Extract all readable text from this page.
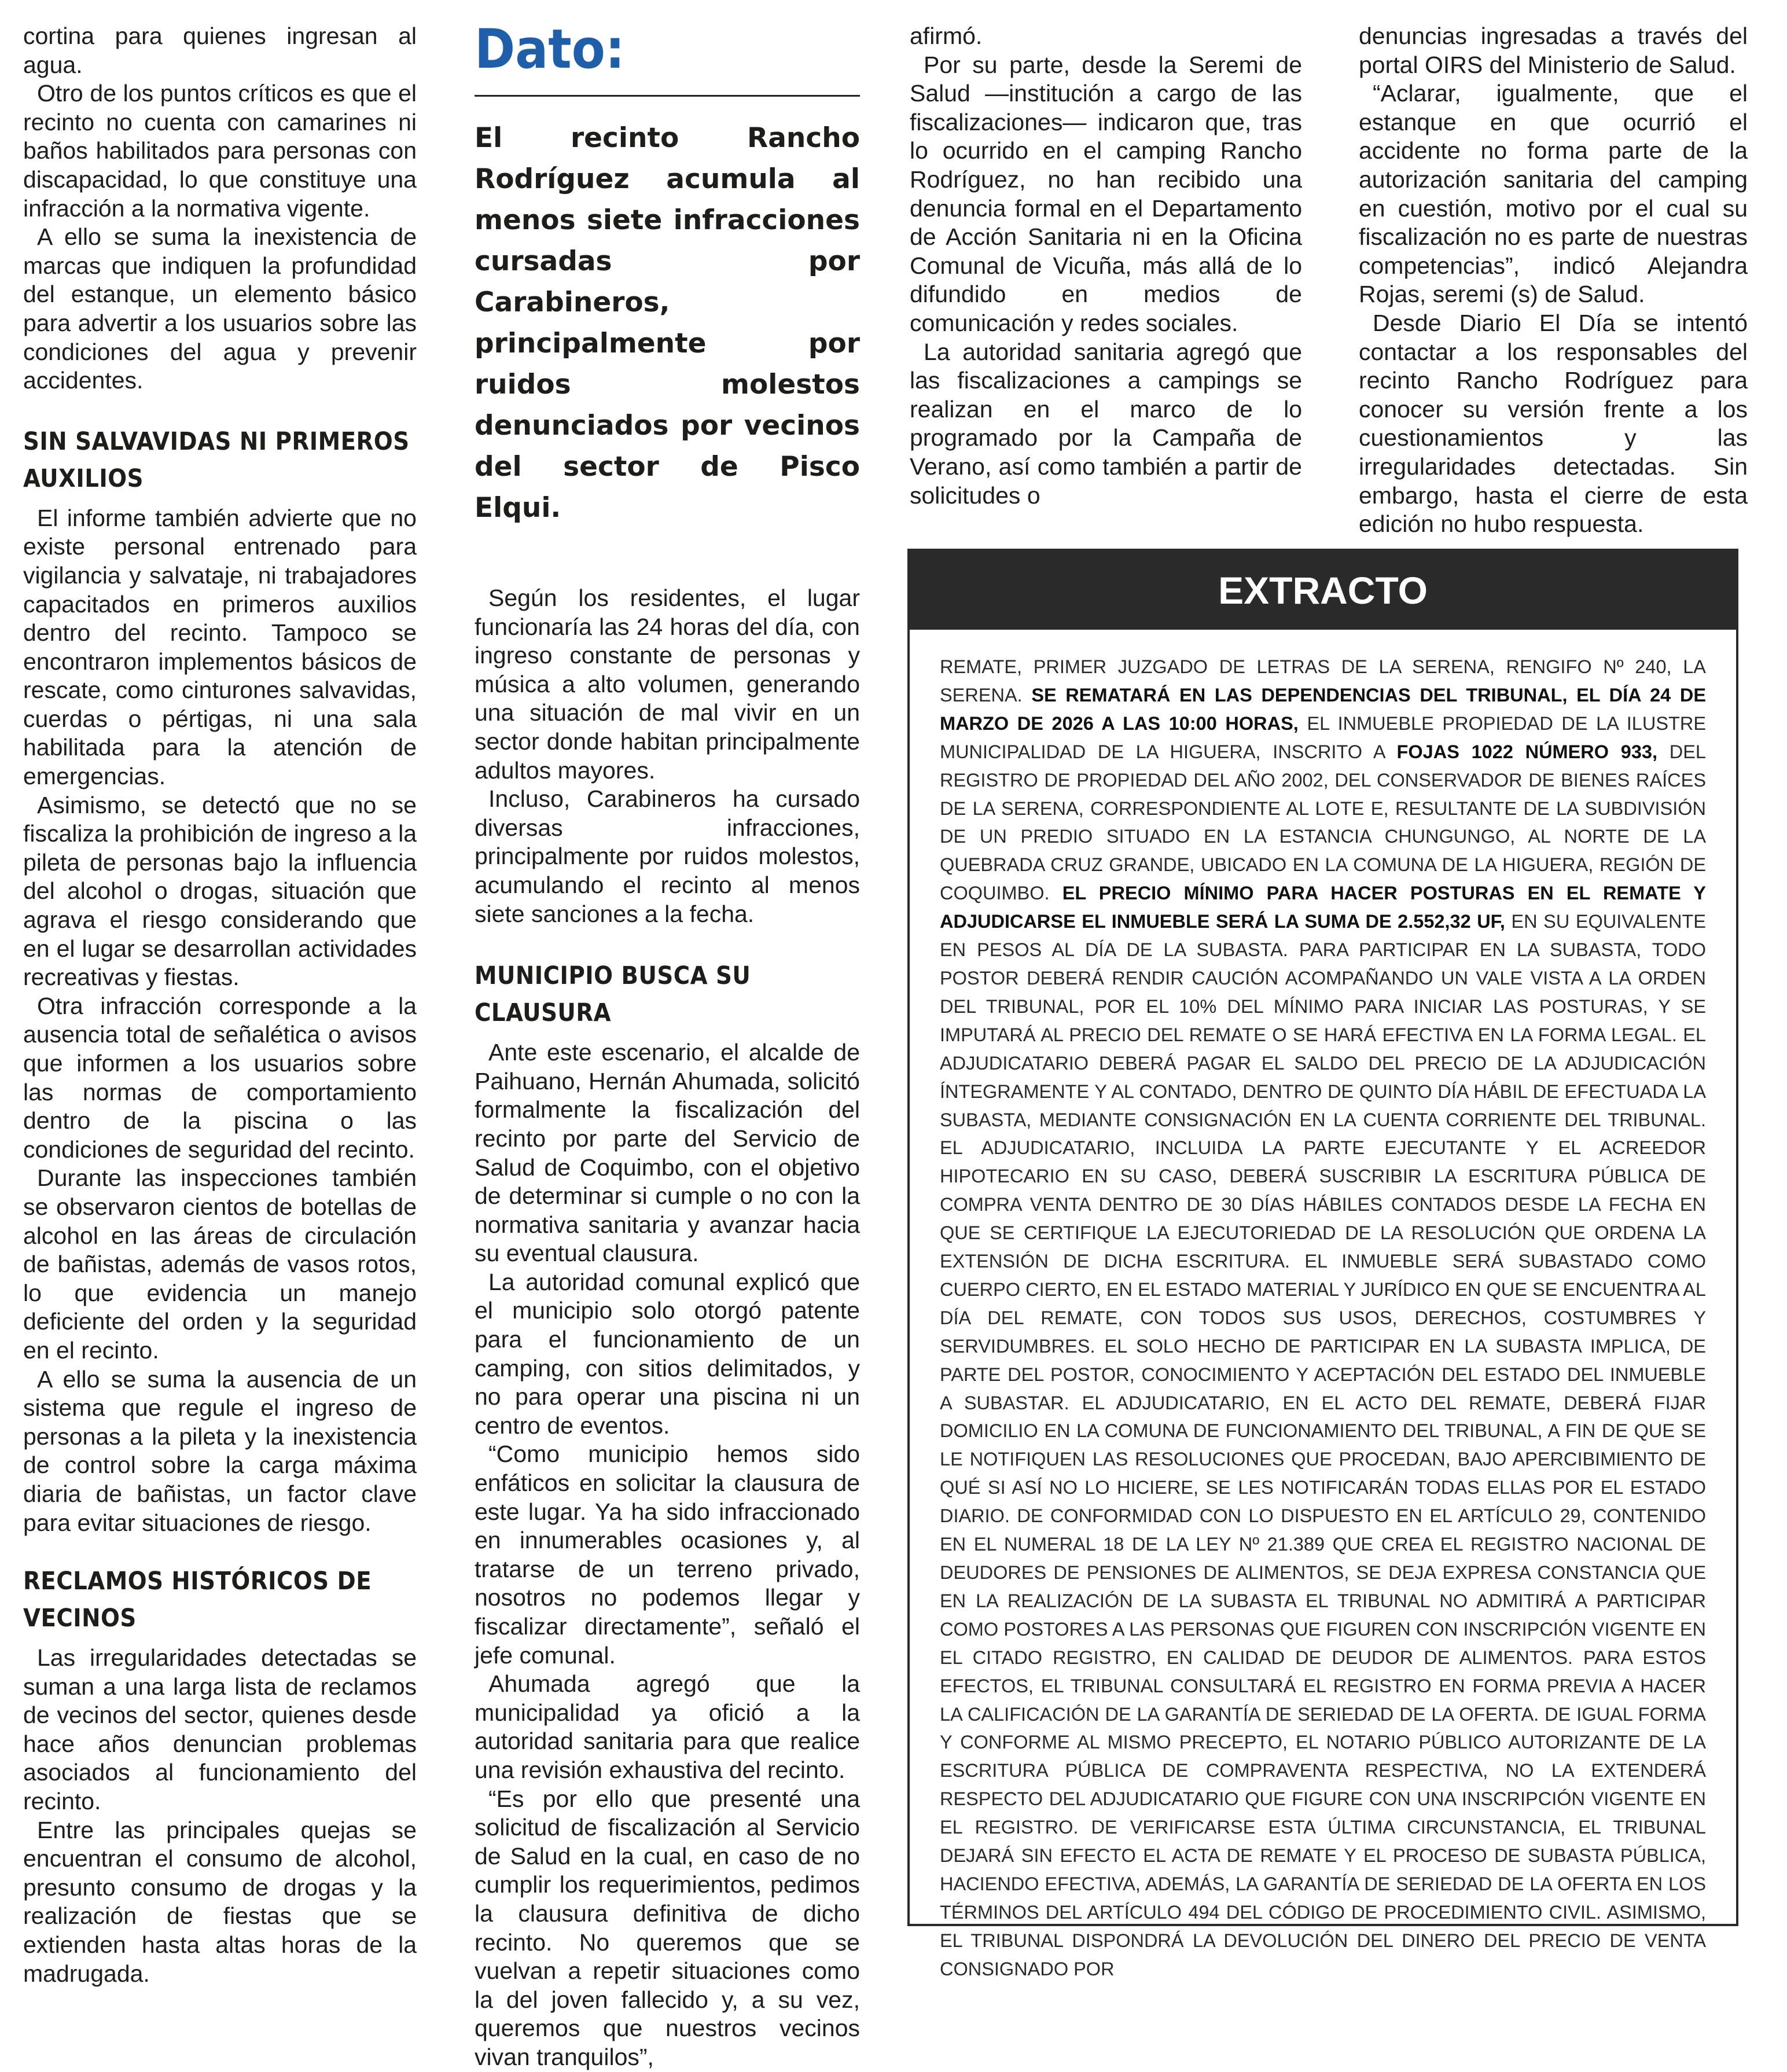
cortina para quienes ingresan al agua.

Otro de los puntos críticos es que el recinto no cuenta con camarines ni baños habilitados para personas con discapacidad, lo que constituye una infracción a la normativa vigente.

A ello se suma la inexistencia de marcas que indiquen la profundidad del estanque, un elemento básico para advertir a los usuarios sobre las condiciones del agua y prevenir accidentes.

SIN SALVAVIDAS NI PRIMEROS AUXILIOS

El informe también advierte que no existe personal entrenado para vigilancia y salvataje, ni trabajadores capacitados en primeros auxilios dentro del recinto. Tampoco se encontraron implementos básicos de rescate, como cinturones salvavidas, cuerdas o pértigas, ni una sala habilitada para la atención de emergencias.

Asimismo, se detectó que no se fiscaliza la prohibición de ingreso a la pileta de personas bajo la influencia del alcohol o drogas, situación que agrava el riesgo considerando que en el lugar se desarrollan actividades recreativas y fiestas.

Otra infracción corresponde a la ausencia total de señalética o avisos que informen a los usuarios sobre las normas de comportamiento dentro de la piscina o las condiciones de seguridad del recinto.

Durante las inspecciones también se observaron cientos de botellas de alcohol en las áreas de circulación de bañistas, además de vasos rotos, lo que evidencia un manejo deficiente del orden y la seguridad en el recinto.

A ello se suma la ausencia de un sistema que regule el ingreso de personas a la pileta y la inexistencia de control sobre la carga máxima diaria de bañistas, un factor clave para evitar situaciones de riesgo.

RECLAMOS HISTÓRICOS DE VECINOS

Las irregularidades detectadas se suman a una larga lista de reclamos de vecinos del sector, quienes desde hace años denuncian problemas asociados al funcionamiento del recinto.

Entre las principales quejas se encuentran el consumo de alcohol, presunto consumo de drogas y la realización de fiestas que se extienden hasta altas horas de la madrugada.

Dato:

El recinto Rancho Rodríguez acumula al menos siete infracciones cursadas por Carabineros, principalmente por ruidos molestos denunciados por vecinos del sector de Pisco Elqui.

Según los residentes, el lugar funcionaría las 24 horas del día, con ingreso constante de personas y música a alto volumen, generando una situación de mal vivir en un sector donde habitan principalmente adultos mayores.

Incluso, Carabineros ha cursado diversas infracciones, principalmente por ruidos molestos, acumulando el recinto al menos siete sanciones a la fecha.

MUNICIPIO BUSCA SU CLAUSURA

Ante este escenario, el alcalde de Paihuano, Hernán Ahumada, solicitó formalmente la fiscalización del recinto por parte del Servicio de Salud de Coquimbo, con el objetivo de determinar si cumple o no con la normativa sanitaria y avanzar hacia su eventual clausura.

La autoridad comunal explicó que el municipio solo otorgó patente para el funcionamiento de un camping, con sitios delimitados, y no para operar una piscina ni un centro de eventos.

“Como municipio hemos sido enfáticos en solicitar la clausura de este lugar. Ya ha sido infraccionado en innumerables ocasiones y, al tratarse de un terreno privado, nosotros no podemos llegar y fiscalizar directamente”, señaló el jefe comunal.

Ahumada agregó que la municipalidad ya ofició a la autoridad sanitaria para que realice una revisión exhaustiva del recinto.

“Es por ello que presenté una solicitud de fiscalización al Servicio de Salud en la cual, en caso de no cumplir los requerimientos, pedimos la clausura definitiva de dicho recinto. No queremos que se vuelvan a repetir situaciones como la del joven fallecido y, a su vez, queremos que nuestros vecinos vivan tranquilos”,

afirmó.

Por su parte, desde la Seremi de Salud —institución a cargo de las fiscalizaciones— indicaron que, tras lo ocurrido en el camping Rancho Rodríguez, no han recibido una denuncia formal en el Departamento de Acción Sanitaria ni en la Oficina Comunal de Vicuña, más allá de lo difundido en medios de comunicación y redes sociales.

La autoridad sanitaria agregó que las fiscalizaciones a campings se realizan en el marco de lo programado por la Campaña de Verano, así como también a partir de solicitudes o

denuncias ingresadas a través del portal OIRS del Ministerio de Salud.

“Aclarar, igualmente, que el estanque en que ocurrió el accidente no forma parte de la autorización sanitaria del camping en cuestión, motivo por el cual su fiscalización no es parte de nuestras competencias”, indicó Alejandra Rojas, seremi (s) de Salud.

Desde Diario El Día se intentó contactar a los responsables del recinto Rancho Rodríguez para conocer su versión frente a los cuestionamientos y las irregularidades detectadas. Sin embargo, hasta el cierre de esta edición no hubo respuesta.

EXTRACTO
REMATE, PRIMER JUZGADO DE LETRAS DE LA SERENA, RENGIFO Nº 240, LA SERENA. SE REMATARÁ EN LAS DEPENDENCIAS DEL TRIBUNAL, EL DÍA 24 DE MARZO DE 2026 A LAS 10:00 HORAS, EL INMUEBLE PROPIEDAD DE LA ILUSTRE MUNICIPALIDAD DE LA HIGUERA, INSCRITO A FOJAS 1022 NÚMERO 933, DEL REGISTRO DE PROPIEDAD DEL AÑO 2002, DEL CONSERVADOR DE BIENES RAÍCES DE LA SERENA, CORRESPONDIENTE AL LOTE E, RESULTANTE DE LA SUBDIVISIÓN DE UN PREDIO SITUADO EN LA ESTANCIA CHUNGUNGO, AL NORTE DE LA QUEBRADA CRUZ GRANDE, UBICADO EN LA COMUNA DE LA HIGUERA, REGIÓN DE COQUIMBO. EL PRECIO MÍNIMO PARA HACER POSTURAS EN EL REMATE Y ADJUDICARSE EL INMUEBLE SERÁ LA SUMA DE 2.552,32 UF, EN SU EQUIVALENTE EN PESOS AL DÍA DE LA SUBASTA. PARA PARTICIPAR EN LA SUBASTA, TODO POSTOR DEBERÁ RENDIR CAUCIÓN ACOMPAÑANDO UN VALE VISTA A LA ORDEN DEL TRIBUNAL, POR EL 10% DEL MÍNIMO PARA INICIAR LAS POSTURAS, Y SE IMPUTARÁ AL PRECIO DEL REMATE O SE HARÁ EFECTIVA EN LA FORMA LEGAL. EL ADJUDICATARIO DEBERÁ PAGAR EL SALDO DEL PRECIO DE LA ADJUDICACIÓN ÍNTEGRAMENTE Y AL CONTADO, DENTRO DE QUINTO DÍA HÁBIL DE EFECTUADA LA SUBASTA, MEDIANTE CONSIGNACIÓN EN LA CUENTA CORRIENTE DEL TRIBUNAL. EL ADJUDICATARIO, INCLUIDA LA PARTE EJECUTANTE Y EL ACREEDOR HIPOTECARIO EN SU CASO, DEBERÁ SUSCRIBIR LA ESCRITURA PÚBLICA DE COMPRA VENTA DENTRO DE 30 DÍAS HÁBILES CONTADOS DESDE LA FECHA EN QUE SE CERTIFIQUE LA EJECUTORIEDAD DE LA RESOLUCIÓN QUE ORDENA LA EXTENSIÓN DE DICHA ESCRITURA. EL INMUEBLE SERÁ SUBASTADO COMO CUERPO CIERTO, EN EL ESTADO MATERIAL Y JURÍDICO EN QUE SE ENCUENTRA AL DÍA DEL REMATE, CON TODOS SUS USOS, DERECHOS, COSTUMBRES Y SERVIDUMBRES. EL SOLO HECHO DE PARTICIPAR EN LA SUBASTA IMPLICA, DE PARTE DEL POSTOR, CONOCIMIENTO Y ACEPTACIÓN DEL ESTADO DEL INMUEBLE A SUBASTAR. EL ADJUDICATARIO, EN EL ACTO DEL REMATE, DEBERÁ FIJAR DOMICILIO EN LA COMUNA DE FUNCIONAMIENTO DEL TRIBUNAL, A FIN DE QUE SE LE NOTIFIQUEN LAS RESOLUCIONES QUE PROCEDAN, BAJO APERCIBIMIENTO DE QUÉ SI ASÍ NO LO HICIERE, SE LES NOTIFICARÁN TODAS ELLAS POR EL ESTADO DIARIO. DE CONFORMIDAD CON LO DISPUESTO EN EL ARTÍCULO 29, CONTENIDO EN EL NUMERAL 18 DE LA LEY Nº 21.389 QUE CREA EL REGISTRO NACIONAL DE DEUDORES DE PENSIONES DE ALIMENTOS, SE DEJA EXPRESA CONSTANCIA QUE EN LA REALIZACIÓN DE LA SUBASTA EL TRIBUNAL NO ADMITIRÁ A PARTICIPAR COMO POSTORES A LAS PERSONAS QUE FIGUREN CON INSCRIPCIÓN VIGENTE EN EL CITADO REGISTRO, EN CALIDAD DE DEUDOR DE ALIMENTOS. PARA ESTOS EFECTOS, EL TRIBUNAL CONSULTARÁ EL REGISTRO EN FORMA PREVIA A HACER LA CALIFICACIÓN DE LA GARANTÍA DE SERIEDAD DE LA OFERTA. DE IGUAL FORMA Y CONFORME AL MISMO PRECEPTO, EL NOTARIO PÚBLICO AUTORIZANTE DE LA ESCRITURA PÚBLICA DE COMPRAVENTA RESPECTIVA, NO LA EXTENDERÁ RESPECTO DEL ADJUDICATARIO QUE FIGURE CON UNA INSCRIPCIÓN VIGENTE EN EL REGISTRO. DE VERIFICARSE ESTA ÚLTIMA CIRCUNSTANCIA, EL TRIBUNAL DEJARÁ SIN EFECTO EL ACTA DE REMATE Y EL PROCESO DE SUBASTA PÚBLICA, HACIENDO EFECTIVA, ADEMÁS, LA GARANTÍA DE SERIEDAD DE LA OFERTA EN LOS TÉRMINOS DEL ARTÍCULO 494 DEL CÓDIGO DE PROCEDIMIENTO CIVIL. ASIMISMO, EL TRIBUNAL DISPONDRÁ LA DEVOLUCIÓN DEL DINERO DEL PRECIO DE VENTA CONSIGNADO POR
